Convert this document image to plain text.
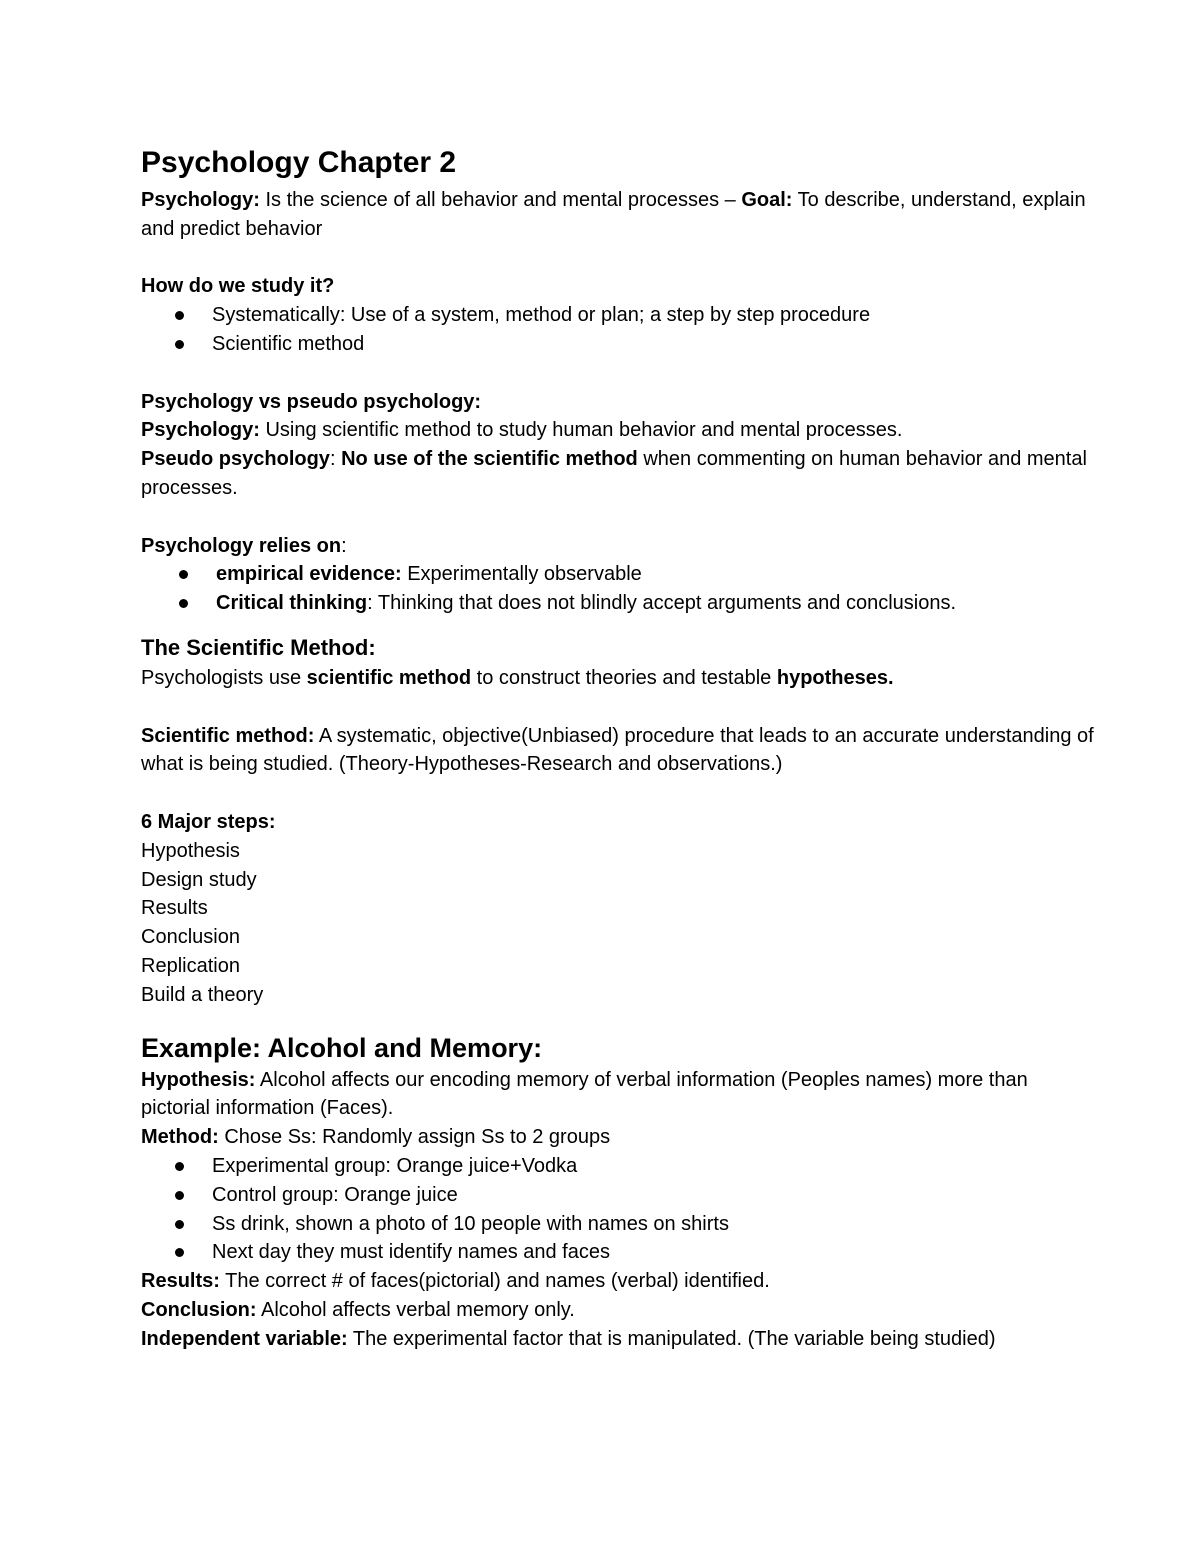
Psychology Chapter 2

Psychology: Is the science of all behavior and mental processes – Goal: To describe, understand, explain and predict behavior

How do we study it?

Systematically: Use of a system, method or plan; a step by step procedure
Scientific method

Psychology vs pseudo psychology:

Psychology: Using scientific method to study human behavior and mental processes.

Pseudo psychology: No use of the scientific method when commenting on human behavior and mental processes.

Psychology relies on:

empirical evidence: Experimentally observable
Critical thinking: Thinking that does not blindly accept arguments and conclusions.
The Scientific Method:

Psychologists use scientific method to construct theories and testable hypotheses.

Scientific method: A systematic, objective(Unbiased) procedure that leads to an accurate understanding of what is being studied. (Theory-Hypotheses-Research and observations.)

6 Major steps:

Hypothesis

Design study

Results

Conclusion

Replication

Build a theory

Example: Alcohol and Memory:

Hypothesis: Alcohol affects our encoding memory of verbal information (Peoples names) more than pictorial information (Faces).

Method: Chose Ss: Randomly assign Ss to 2 groups

Experimental group: Orange juice+Vodka
Control group: Orange juice
Ss drink, shown a photo of 10 people with names on shirts
Next day they must identify names and faces

Results: The correct # of faces(pictorial) and names (verbal) identified.

Conclusion: Alcohol affects verbal memory only.

Independent variable: The experimental factor that is manipulated. (The variable being studied)
